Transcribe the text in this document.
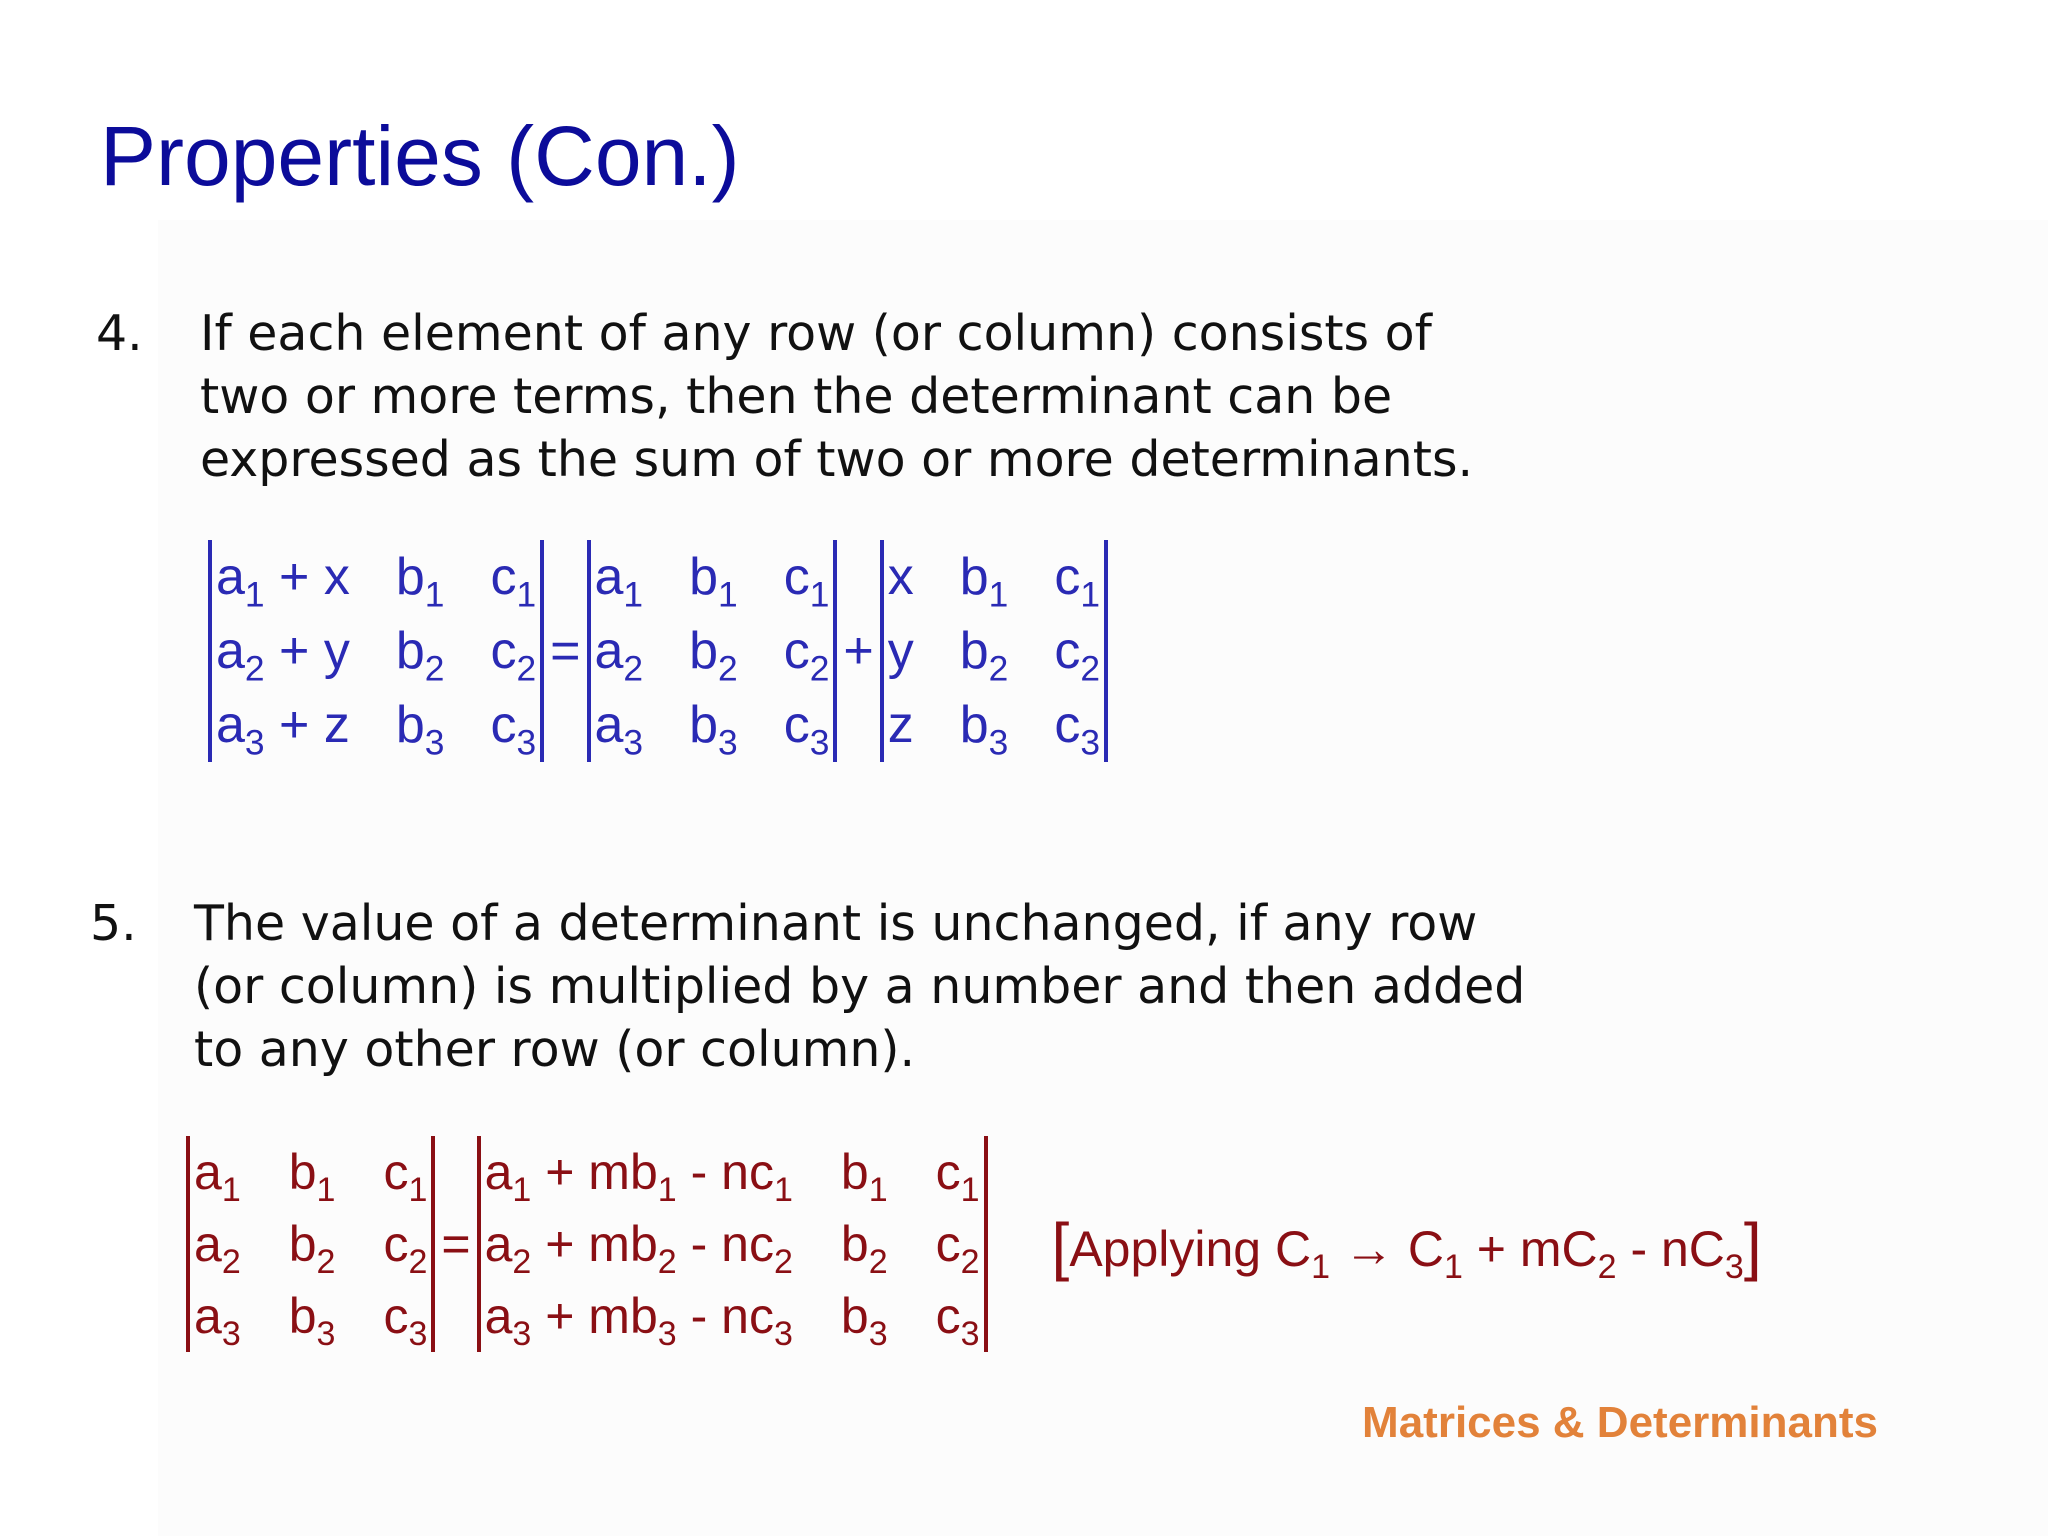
Properties (Con.)
4. If each element of any row (or column) consists of
two or more terms, then the determinant can be
expressed as the sum of two or more determinants.
$a_1 + x$ $b_1$ $c_1$
$a_2 + y$ $b_2$ $c_2$
$a_3 + z$ $b_3$ $c_3$
=
$a_1$ $b_1$ $c_1$
$a_2$ $b_2$ $c_2$
$a_3$ $b_3$ $c_3$
+
x $b_1$ $c_1$
y $b_2$ $c_2$
z $b_3$ $c_3$
5. The value of a determinant is unchanged, if any row
(or column) is multiplied by a number and then added
to any other row (or column).
$a_1$ $b_1$ $c_1$
$a_2$ $b_2$ $c_2$
$a_3$ $b_3$ $c_3$
=
$a_1 + mb_1 - nc_1$ $b_1$ $c_1$
$a_2 + mb_2 - nc_2$ $b_2$ $c_2$
$a_3 + mb_3 - nc_3$ $b_3$ $c_3$
[Applying $C_1 \to C_1 + mC_2 - nC_3$]
Matrices & Determinants
